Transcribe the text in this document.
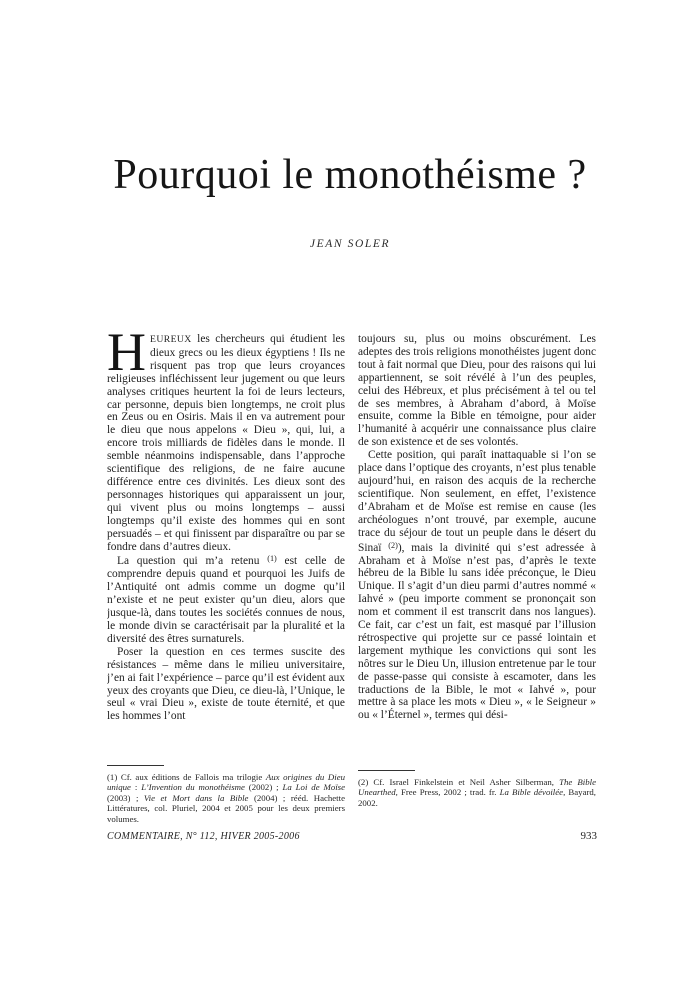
Pourquoi le monothéisme ?
JEAN SOLER

HEUREUX les chercheurs qui étudient les dieux grecs ou les dieux égyptiens ! Ils ne risquent pas trop que leurs croyances religieuses infléchissent leur jugement ou que leurs analyses critiques heurtent la foi de leurs lecteurs, car personne, depuis bien longtemps, ne croit plus en Zeus ou en Osiris. Mais il en va autrement pour le dieu que nous appelons « Dieu », qui, lui, a encore trois milliards de fidèles dans le monde. Il semble néanmoins indispensable, dans l’approche scientifique des religions, de ne faire aucune différence entre ces divinités. Les dieux sont des personnages historiques qui apparaissent un jour, qui vivent plus ou moins longtemps – aussi longtemps qu’il existe des hommes qui en sont persuadés – et qui finissent par disparaître ou par se fondre dans d’autres dieux.

La question qui m’a retenu $^{(1)}$ est celle de comprendre depuis quand et pourquoi les Juifs de l’Antiquité ont admis comme un dogme qu’il n’existe et ne peut exister qu’un dieu, alors que jusque-là, dans toutes les sociétés connues de nous, le monde divin se caractérisait par la pluralité et la diversité des êtres surnaturels.

Poser la question en ces termes suscite des résistances – même dans le milieu universitaire, j’en ai fait l’expérience – parce qu’il est évident aux yeux des croyants que Dieu, ce dieu-là, l’Unique, le seul « vrai Dieu », existe de toute éternité, et que les hommes l’ont

toujours su, plus ou moins obscurément. Les adeptes des trois religions monothéistes jugent donc tout à fait normal que Dieu, pour des raisons qui lui appartiennent, se soit révélé à l’un des peuples, celui des Hébreux, et plus précisément à tel ou tel de ses membres, à Abraham d’abord, à Moïse ensuite, comme la Bible en témoigne, pour aider l’humanité à acquérir une connaissance plus claire de son existence et de ses volontés.

Cette position, qui paraît inattaquable si l’on se place dans l’optique des croyants, n’est plus tenable aujourd’hui, en raison des acquis de la recherche scientifique. Non seulement, en effet, l’existence d’Abraham et de Moïse est remise en cause (les archéologues n’ont trouvé, par exemple, aucune trace du séjour de tout un peuple dans le désert du Sinaï $^{(2)}$), mais la divinité qui s’est adressée à Abraham et à Moïse n’est pas, d’après le texte hébreu de la Bible lu sans idée préconçue, le Dieu Unique. Il s’agit d’un dieu parmi d’autres nommé « Iahvé » (peu importe comment se prononçait son nom et comment il est transcrit dans nos langues). Ce fait, car c’est un fait, est masqué par l’illusion rétrospective qui projette sur ce passé lointain et largement mythique les convictions qui sont les nôtres sur le Dieu Un, illusion entretenue par le tour de passe-passe qui consiste à escamoter, dans les traductions de la Bible, le mot « Iahvé », pour mettre à sa place les mots « Dieu », « le Seigneur » ou « l’Éternel », termes qui dési-

(1) Cf. aux éditions de Fallois ma trilogie Aux origines du Dieu unique : L’Invention du monothéisme (2002) ; La Loi de Moïse (2003) ; Vie et Mort dans la Bible (2004) ; rééd. Hachette Littératures, col. Pluriel, 2004 et 2005 pour les deux premiers volumes.

(2) Cf. Israel Finkelstein et Neil Asher Silberman, The Bible Unearthed, Free Press, 2002 ; trad. fr. La Bible dévoilée, Bayard, 2002.

COMMENTAIRE, N° 112, HIVER 2005-2006	933
